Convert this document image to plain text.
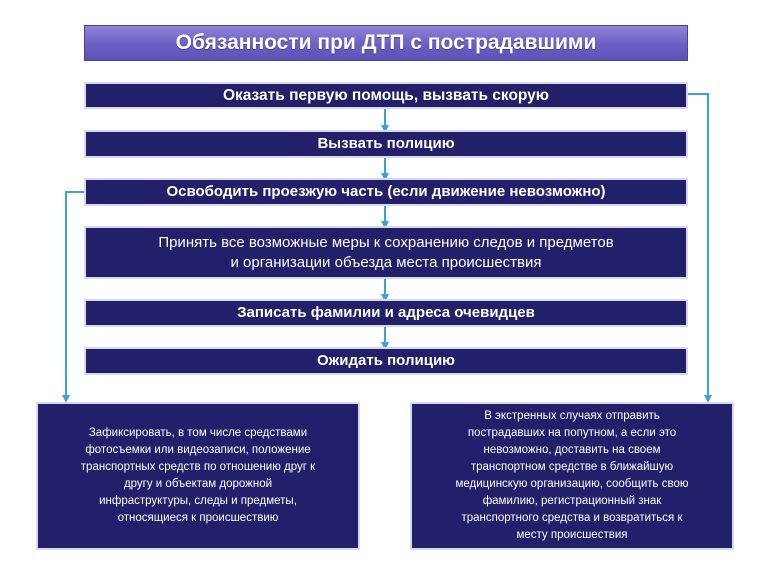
Обязанности при ДТП с пострадавшими
Оказать первую помощь, вызвать скорую
Вызвать полицию
Освободить проезжую часть (если движение невозможно)
Принять все возможные меры к сохранению следов и предметов
и организации объезда места происшествия
Записать фамилии и адреса очевидцев
Ожидать полицию
Зафиксировать, в том числе средствами
фотосъемки или видеозаписи, положение
транспортных средств по отношению друг к
другу и объектам дорожной
инфраструктуры, следы и предметы,
относящиеся к происшествию
В экстренных случаях отправить
пострадавших на попутном, а если это
невозможно, доставить на своем
транспортном средстве в ближайшую
медицинскую организацию, сообщить свою
фамилию, регистрационный знак
транспортного средства и возвратиться к
месту происшествия
